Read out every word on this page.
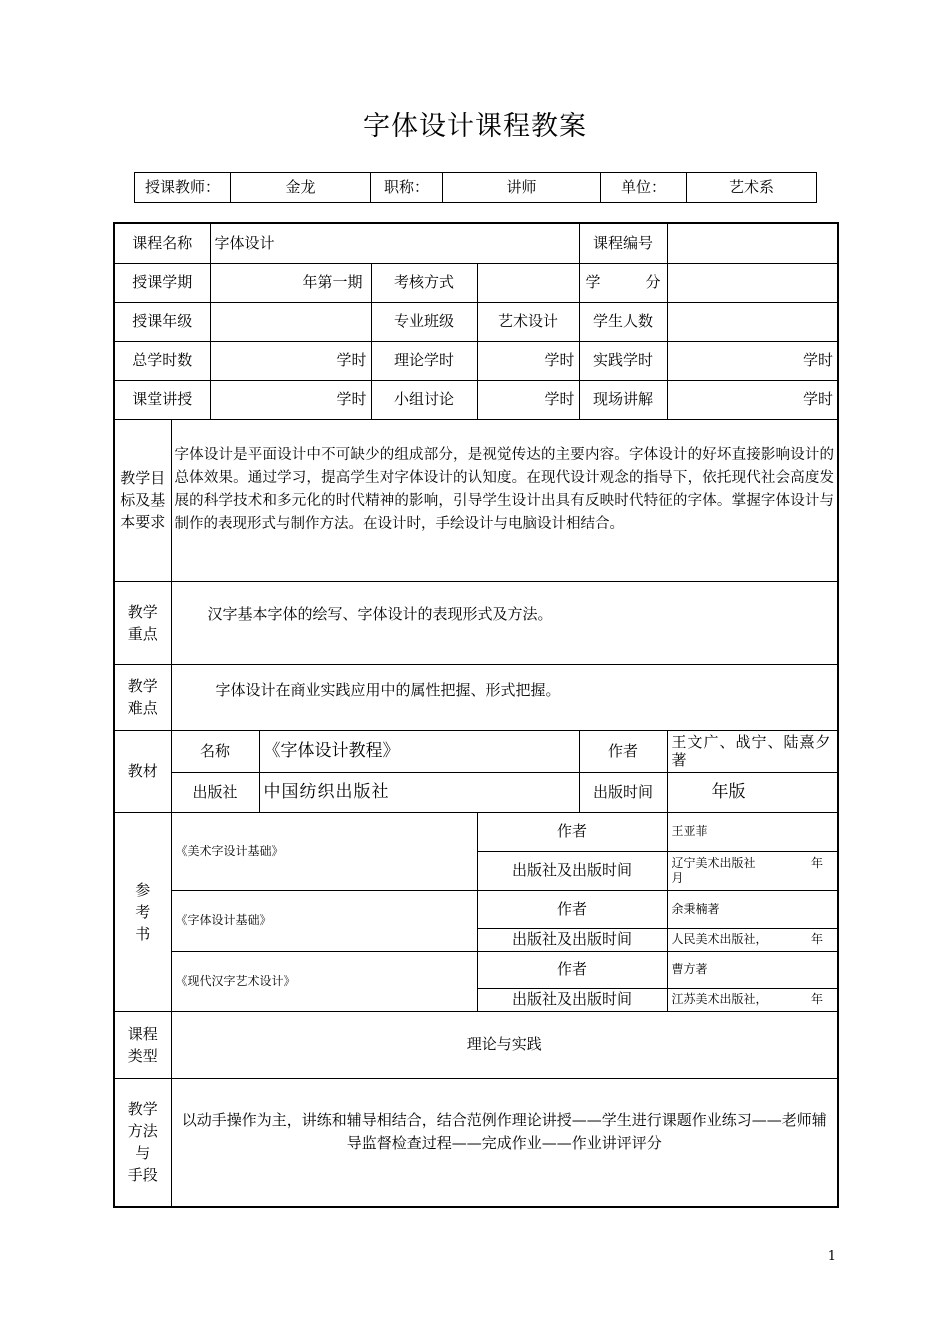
字体设计课程教案
授课教师：	金龙	职称：	讲师	单位：	艺术系
课程名称		字体设计				课程编号	
授课学期		年第一期		考核方式		学 分	

授课年级				专业班级	艺术设计	学生人数	
总学时数		学时		理论学时	学时	实践学时	学时
课堂讲授		学时		小组讨论	学时	现场讲解	学时

教学目
标及基
本要求	字体设计是平面设计中不可缺少的组成部分，是视觉传达的主要内容。字体设计的好坏直接影响设计的总体效果。通过学习，提高学生对字体设计的认知度。在现代设计观念的指导下，依托现代社会高度发展的科学技术和多元化的时代精神的影响，引导学生设计出具有反映时代特征的字体。掌握字体设计与制作的表现形式与制作方法。在设计时，手绘设计与电脑设计相结合。						

教学
重点	汉字基本字体的绘写、字体设计的表现形式及方法。						

教学
难点	字体设计在商业实践应用中的属性把握、形式把握。						
教材	名称		《字体设计教程》			作者	王文广、战宁、陆熹夕著
	出版社		中国纺织出版社			出版时间	年版

参
考
书	《美术字设计基础》				作者		王亚菲
					出版社及出版时间		辽宁美术出版社 年
月

	《字体设计基础》				作者		余秉楠著
					出版社及出版时间		人民美术出版社， 年

	《现代汉字艺术设计》				作者		曹方著
					出版社及出版时间		江苏美术出版社， 年

课程
类型	理论与实践						

教学
方法
与
手段	以动手操作为主，讲练和辅导相结合，结合范例作理论讲授——学生进行课题作业练习——老师辅导监督检查过程——完成作业——作业讲评评分						
1
